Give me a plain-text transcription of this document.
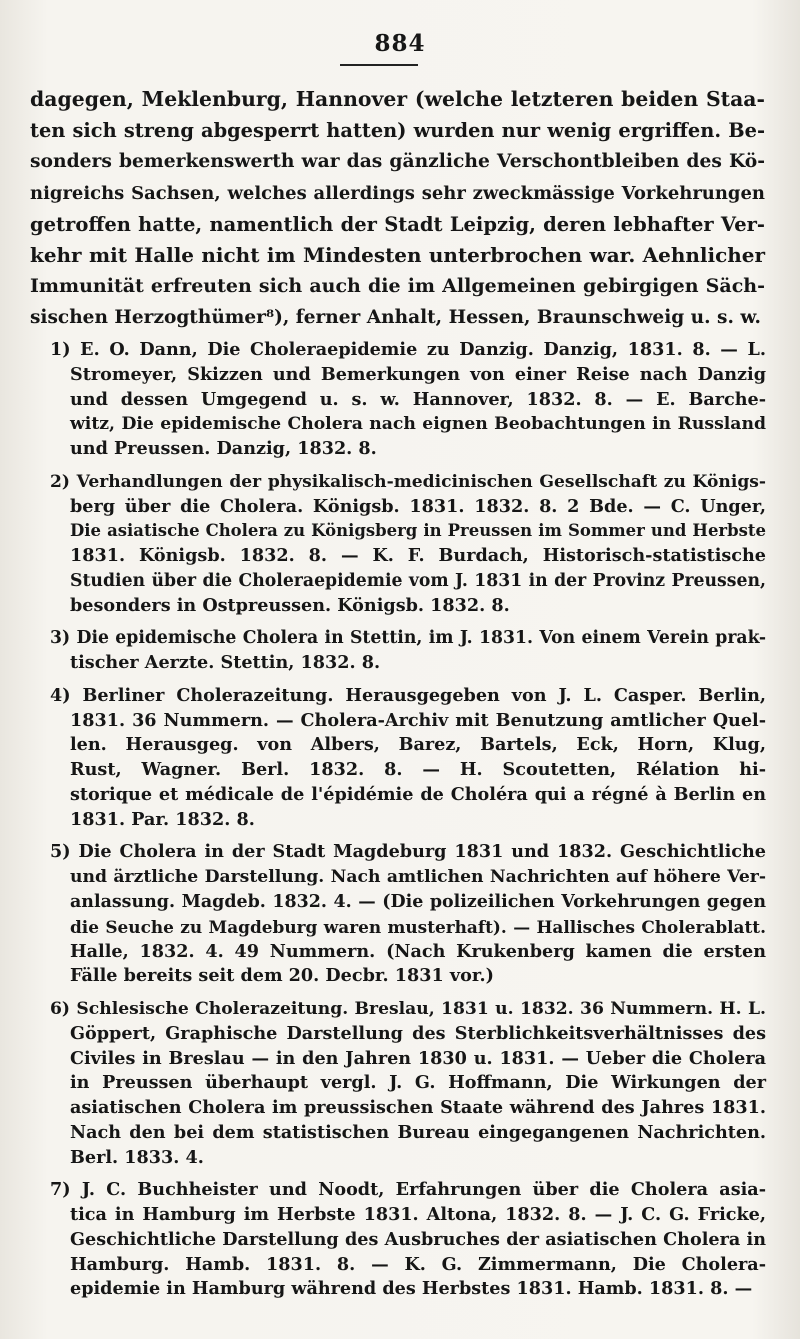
884
dagegen, Meklenburg, Hannover (welche letzteren beiden Staa-
ten sich streng abgesperrt hatten) wurden nur wenig ergriffen. Be-
sonders bemerkenswerth war das gänzliche Verschontbleiben des Kö-
nigreichs Sachsen, welches allerdings sehr zweckmässige Vorkehrungen
getroffen hatte, namentlich der Stadt Leipzig, deren lebhafter Ver-
kehr mit Halle nicht im Mindesten unterbrochen war. Aehnlicher
Immunität erfreuten sich auch die im Allgemeinen gebirgigen Säch-
sischen Herzogthümer⁸), ferner Anhalt, Hessen, Braunschweig u. s. w.
1) E. O. Dann, Die Choleraepidemie zu Danzig. Danzig, 1831. 8. — L.
Stromeyer, Skizzen und Bemerkungen von einer Reise nach Danzig
und dessen Umgegend u. s. w. Hannover, 1832. 8. — E. Barche-
witz, Die epidemische Cholera nach eignen Beobachtungen in Russland
und Preussen. Danzig, 1832. 8.
2) Verhandlungen der physikalisch-medicinischen Gesellschaft zu Königs-
berg über die Cholera. Königsb. 1831. 1832. 8. 2 Bde. — C. Unger,
Die asiatische Cholera zu Königsberg in Preussen im Sommer und Herbste
1831. Königsb. 1832. 8. — K. F. Burdach, Historisch-statistische
Studien über die Choleraepidemie vom J. 1831 in der Provinz Preussen,
besonders in Ostpreussen. Königsb. 1832. 8.
3) Die epidemische Cholera in Stettin, im J. 1831. Von einem Verein prak-
tischer Aerzte. Stettin, 1832. 8.
4) Berliner Cholerazeitung. Herausgegeben von J. L. Casper. Berlin,
1831. 36 Nummern. — Cholera-Archiv mit Benutzung amtlicher Quel-
len. Herausgeg. von Albers, Barez, Bartels, Eck, Horn, Klug,
Rust, Wagner. Berl. 1832. 8. — H. Scoutetten, Rélation hi-
storique et médicale de l'épidémie de Choléra qui a régné à Berlin en
1831. Par. 1832. 8.
5) Die Cholera in der Stadt Magdeburg 1831 und 1832. Geschichtliche
und ärztliche Darstellung. Nach amtlichen Nachrichten auf höhere Ver-
anlassung. Magdeb. 1832. 4. — (Die polizeilichen Vorkehrungen gegen
die Seuche zu Magdeburg waren musterhaft). — Hallisches Cholerablatt.
Halle, 1832. 4. 49 Nummern. (Nach Krukenberg kamen die ersten
Fälle bereits seit dem 20. Decbr. 1831 vor.)
6) Schlesische Cholerazeitung. Breslau, 1831 u. 1832. 36 Nummern. H. L.
Göppert, Graphische Darstellung des Sterblichkeitsverhältnisses des
Civiles in Breslau — in den Jahren 1830 u. 1831. — Ueber die Cholera
in Preussen überhaupt vergl. J. G. Hoffmann, Die Wirkungen der
asiatischen Cholera im preussischen Staate während des Jahres 1831.
Nach den bei dem statistischen Bureau eingegangenen Nachrichten.
Berl. 1833. 4.
7) J. C. Buchheister und Noodt, Erfahrungen über die Cholera asia-
tica in Hamburg im Herbste 1831. Altona, 1832. 8. — J. C. G. Fricke,
Geschichtliche Darstellung des Ausbruches der asiatischen Cholera in
Hamburg. Hamb. 1831. 8. — K. G. Zimmermann, Die Cholera-
epidemie in Hamburg während des Herbstes 1831. Hamb. 1831. 8. —
